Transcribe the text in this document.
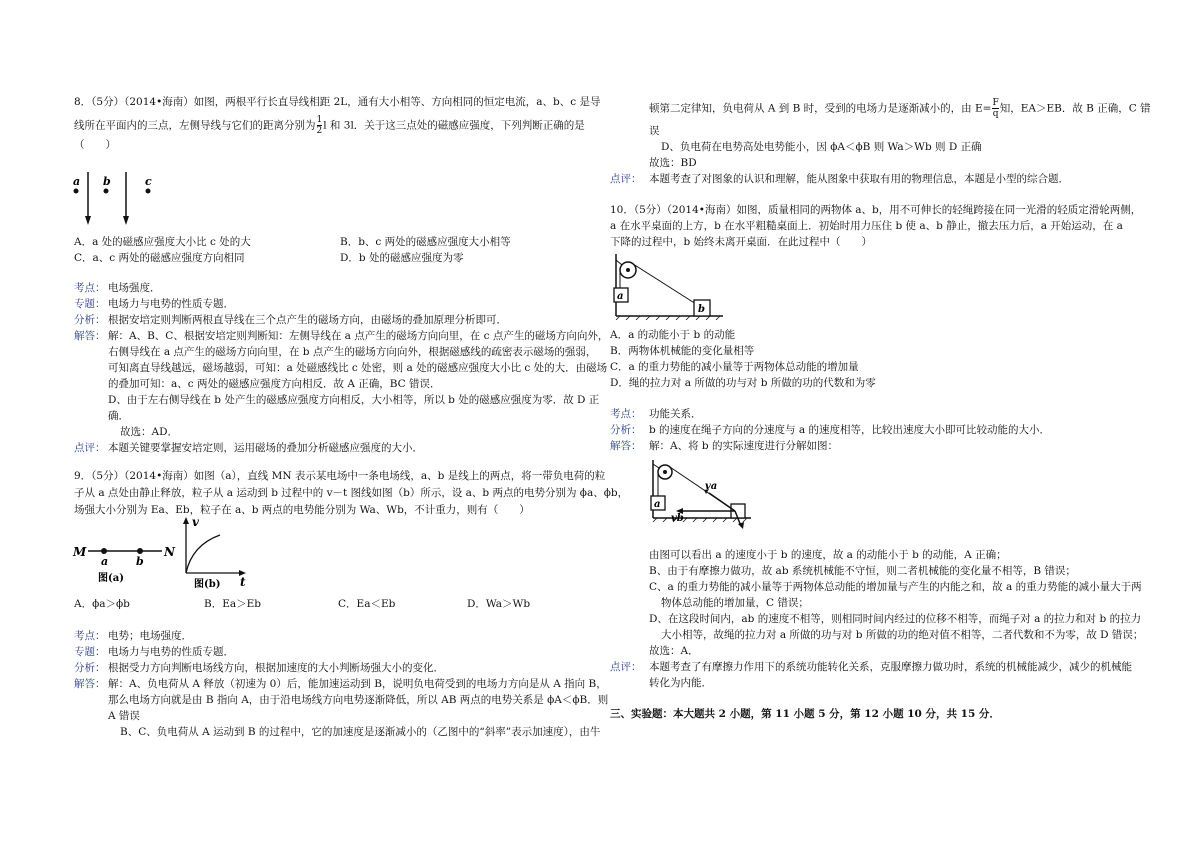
8．（5分）（2014•海南）如图，两根平行长直导线相距 2L，通有大小相等、方向相同的恒定电流，a、b、c 是导
线所在平面内的三点，左侧导线与它们的距离分别为 $\frac{1}{2}$ l 和 3l．关于这三点处的磁感应强度，下列判断正确的是
（　　）
a b	c
A．a 处的磁感应强度大小比 c 处的大	B．b、c 两处的磁感应强度大小相等
C．a、c 两处的磁感应强度方向相同	D．b 处的磁感应强度为零
考点： 电场强度．
专题： 电场力与电势的性质专题．
分析： 根据安培定则判断两根直导线在三个点产生的磁场方向，由磁场的叠加原理分析即可．
解答： 解：A、B、C、根据安培定则判断知：左侧导线在 a 点产生的磁场方向向里，在 c 点产生的磁场方向向外，
右侧导线在 a 点产生的磁场方向向里，在 b 点产生的磁场方向向外，根据磁感线的疏密表示磁场的强弱，
可知离直导线越远，磁场越弱，可知：a 处磁感线比 c 处密，则 a 处的磁感应强度大小比 c 处的大．由磁场
的叠加可知：a、c 两处的磁感应强度方向相反．故 A 正确，BC 错误．
D、由于左右侧导线在 b 处产生的磁感应强度方向相反，大小相等，所以 b 处的磁感应强度为零．故 D 正
确．
故选：AD．
点评： 本题关键要掌握安培定则，运用磁场的叠加分析磁感应强度的大小．
9．（5分）（2014•海南）如图（a），直线 MN 表示某电场中一条电场线，a、b 是线上的两点，将一带负电荷的粒
子从 a 点处由静止释放，粒子从 a 运动到 b 过程中的 v－t 图线如图（b）所示，设 a、b 两点的电势分别为 ϕa、ϕb，
场强大小分别为 Ea、Eb，粒子在 a、b 两点的电势能分别为 Wa、Wb，不计重力，则有（　　）
M	N
a	b
图(a)
v
t
图(b)
A．ϕa＞ϕb	B．Ea＞Eb	C．Ea＜Eb	D．Wa＞Wb
考点： 电势；电场强度．
专题： 电场力与电势的性质专题．
分析： 根据受力方向判断电场线方向，根据加速度的大小判断场强大小的变化．
解答： 解：A、负电荷从 A 释放（初速为 0）后，能加速运动到 B，说明负电荷受到的电场力方向是从 A 指向 B，
那么电场方向就是由 B 指向 A，由于沿电场线方向电势逐渐降低，所以 AB 两点的电势关系是 ϕA＜ϕB．则
A 错误
B、C、负电荷从 A 运动到 B 的过程中，它的加速度是逐渐减小的（乙图中的“斜率”表示加速度），由牛
顿第二定律知，负电荷从 A 到 B 时，受到的电场力是逐渐减小的，由 $E= \frac{F}{q}$ 知，EA＞EB．故 B 正确，C 错
误
D、负电荷在电势高处电势能小，因 ϕA＜ϕB 则 Wa＞Wb 则 D 正确
故选：BD
点评： 本题考查了对图象的认识和理解，能从图象中获取有用的物理信息，本题是小型的综合题．
10．（5分）（2014•海南）如图，质量相同的两物体 a、b，用不可伸长的轻绳跨接在同一光滑的轻质定滑轮两侧，
a 在水平桌面的上方，b 在水平粗糙桌面上．初始时用力压住 b 使 a、b 静止，撤去压力后，a 开始运动，在 a
下降的过程中，b 始终未离开桌面．在此过程中（　　）
a
b
A．a 的动能小于 b 的动能
B．两物体机械能的变化量相等
C．a 的重力势能的减小量等于两物体总动能的增加量
D．绳的拉力对 a 所做的功与对 b 所做的功的代数和为零
考点： 功能关系．
分析： b 的速度在绳子方向的分速度与 a 的速度相等，比较出速度大小即可比较动能的大小．
解答： 解：A、将 b 的实际速度进行分解如图：
a
va
vb
由图可以看出 a 的速度小于 b 的速度，故 a 的动能小于 b 的动能，A 正确；
B、由于有摩擦力做功，故 ab 系统机械能不守恒，则二者机械能的变化量不相等，B 错误；
C、a 的重力势能的减小量等于两物体总动能的增加量与产生的内能之和，故 a 的重力势能的减小量大于两
物体总动能的增加量，C 错误；
D、在这段时间内，ab 的速度不相等，则相同时间内经过的位移不相等，而绳子对 a 的拉力和对 b 的拉力
大小相等，故绳的拉力对 a 所做的功与对 b 所做的功的绝对值不相等，二者代数和不为零，故 D 错误；
故选：A．
点评： 本题考查了有摩擦力作用下的系统功能转化关系，克服摩擦力做功时，系统的机械能减少，减少的机械能
转化为内能．
三、实验题：本大题共 2 小题，第 11 小题 5 分，第 12 小题 10 分，共 15 分．
